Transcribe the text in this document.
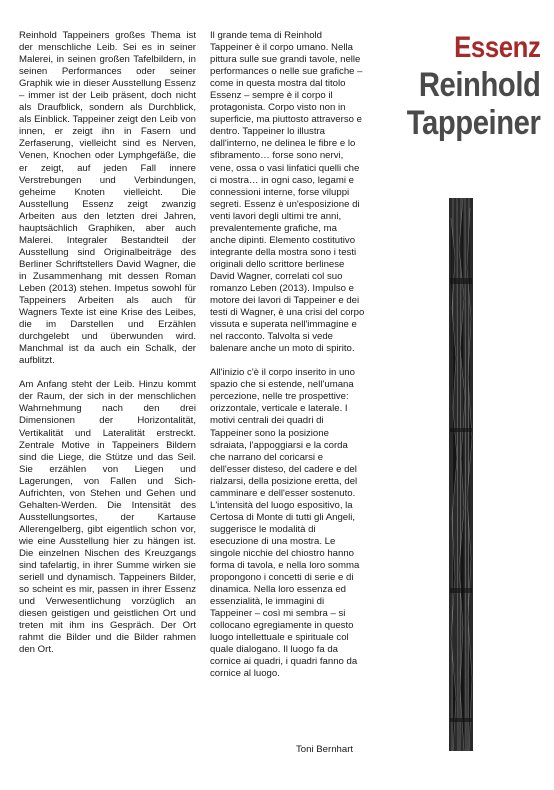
Reinhold Tappeiners großes Thema ist der menschliche Leib. Sei es in seiner Malerei, in seinen großen Tafelbildern, in seinen Performances oder seiner Graphik wie in dieser Ausstellung Essenz – immer ist der Leib präsent, doch nicht als Draufblick, sondern als Durchblick, als Einblick. Tappeiner zeigt den Leib von innen, er zeigt ihn in Fasern und Zerfaserung, vielleicht sind es Nerven, Venen, Knochen oder Lymphgefäße, die er zeigt, auf jeden Fall innere Verstrebungen und Verbindungen, geheime Knoten vielleicht. Die Ausstellung Essenz zeigt zwanzig Arbeiten aus den letzten drei Jahren, hauptsächlich Graphiken, aber auch Malerei. Integraler Bestandteil der Ausstellung sind Originalbeiträge des Berliner Schriftstellers David Wagner, die in Zusammenhang mit dessen Roman Leben (2013) stehen. Impetus sowohl für Tappeiners Arbeiten als auch für Wagners Texte ist eine Krise des Leibes, die im Darstellen und Erzählen durchgelebt und überwunden wird. Manchmal ist da auch ein Schalk, der aufblitzt.

Am Anfang steht der Leib. Hinzu kommt der Raum, der sich in der menschlichen Wahrnehmung nach den drei Dimensionen der Horizontalität, Vertikalität und Lateralität erstreckt. Zentrale Motive in Tappeiners Bildern sind die Liege, die Stütze und das Seil. Sie erzählen von Liegen und Lagerungen, von Fallen und Sich-Aufrichten, von Stehen und Gehen und Gehalten-Werden. Die Intensität des Ausstellungsortes, der Kartause Allerengelberg, gibt eigentlich schon vor, wie eine Ausstellung hier zu hängen ist. Die einzelnen Nischen des Kreuzgangs sind tafelartig, in ihrer Summe wirken sie seriell und dynamisch. Tappeiners Bilder, so scheint es mir, passen in ihrer Essenz und Verwesentlichung vorzüglich an diesen geistigen und geistlichen Ort und treten mit ihm ins Gespräch. Der Ort rahmt die Bilder und die Bilder rahmen den Ort.

Il grande tema di Reinhold Tappeiner è il corpo umano. Nella pittura sulle sue grandi tavole, nelle performances o nelle sue grafiche – come in questa mostra dal titolo Essenz – sempre è il corpo il protagonista. Corpo visto non in superficie, ma piuttosto attraverso e dentro. Tappeiner lo illustra dall'interno, ne delinea le fibre e lo sfibramento… forse sono nervi, vene, ossa o vasi linfatici quelli che ci mostra… in ogni caso, legami e connessioni interne, forse viluppi segreti. Essenz è un'esposizione di venti lavori degli ultimi tre anni, prevalentemente grafiche, ma anche dipinti. Elemento costitutivo integrante della mostra sono i testi originali dello scrittore berlinese David Wagner, correlati col suo romanzo Leben (2013). Impulso e motore dei lavori di Tappeiner e dei testi di Wagner, è una crisi del corpo vissuta e superata nell'immagine e nel racconto. Talvolta si vede balenare anche un moto di spirito.

All'inizio c'è il corpo inserito in uno spazio che si estende, nell'umana percezione, nelle tre prospettive: orizzontale, verticale e laterale. I motivi centrali dei quadri di Tappeiner sono la posizione sdraiata, l'appoggiarsi e la corda che narrano del coricarsi e dell'esser disteso, del cadere e del rialzarsi, della posizione eretta, del camminare e dell'esser sostenuto. L'intensità del luogo espositivo, la Certosa di Monte di tutti gli Angeli, suggerisce le modalità di esecuzione di una mostra. Le singole nicchie del chiostro hanno forma di tavola, e nella loro somma propongono i concetti di serie e di dinamica. Nella loro essenza ed essenzialità, le immagini di Tappeiner – così mi sembra – si collocano egregiamente in questo luogo intellettuale e spirituale col quale dialogano. Il luogo fa da cornice ai quadri, i quadri fanno da cornice al luogo.

Toni Bernhart
Essenz
Reinhold
Tappeiner
